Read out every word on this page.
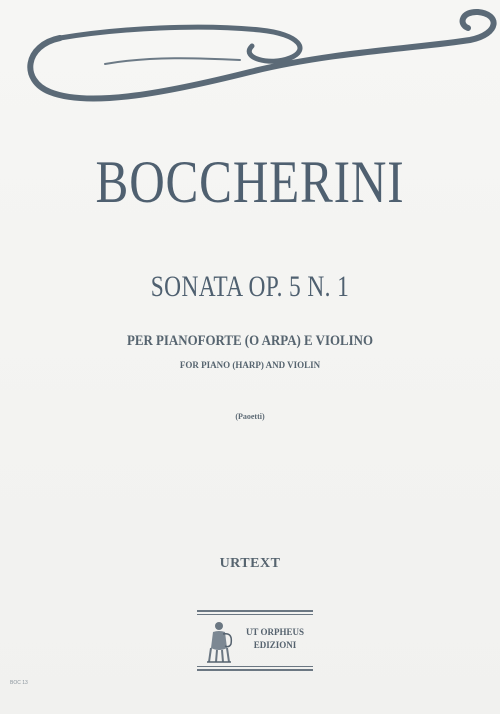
BOCCHERINI
SONATA OP. 5 N. 1
PER PIANOFORTE (O ARPA) E VIOLINO
FOR PIANO (HARP) AND VIOLIN
(Paoetti)
URTEXT
UT ORPHEUS
EDIZIONI
BOC 13
